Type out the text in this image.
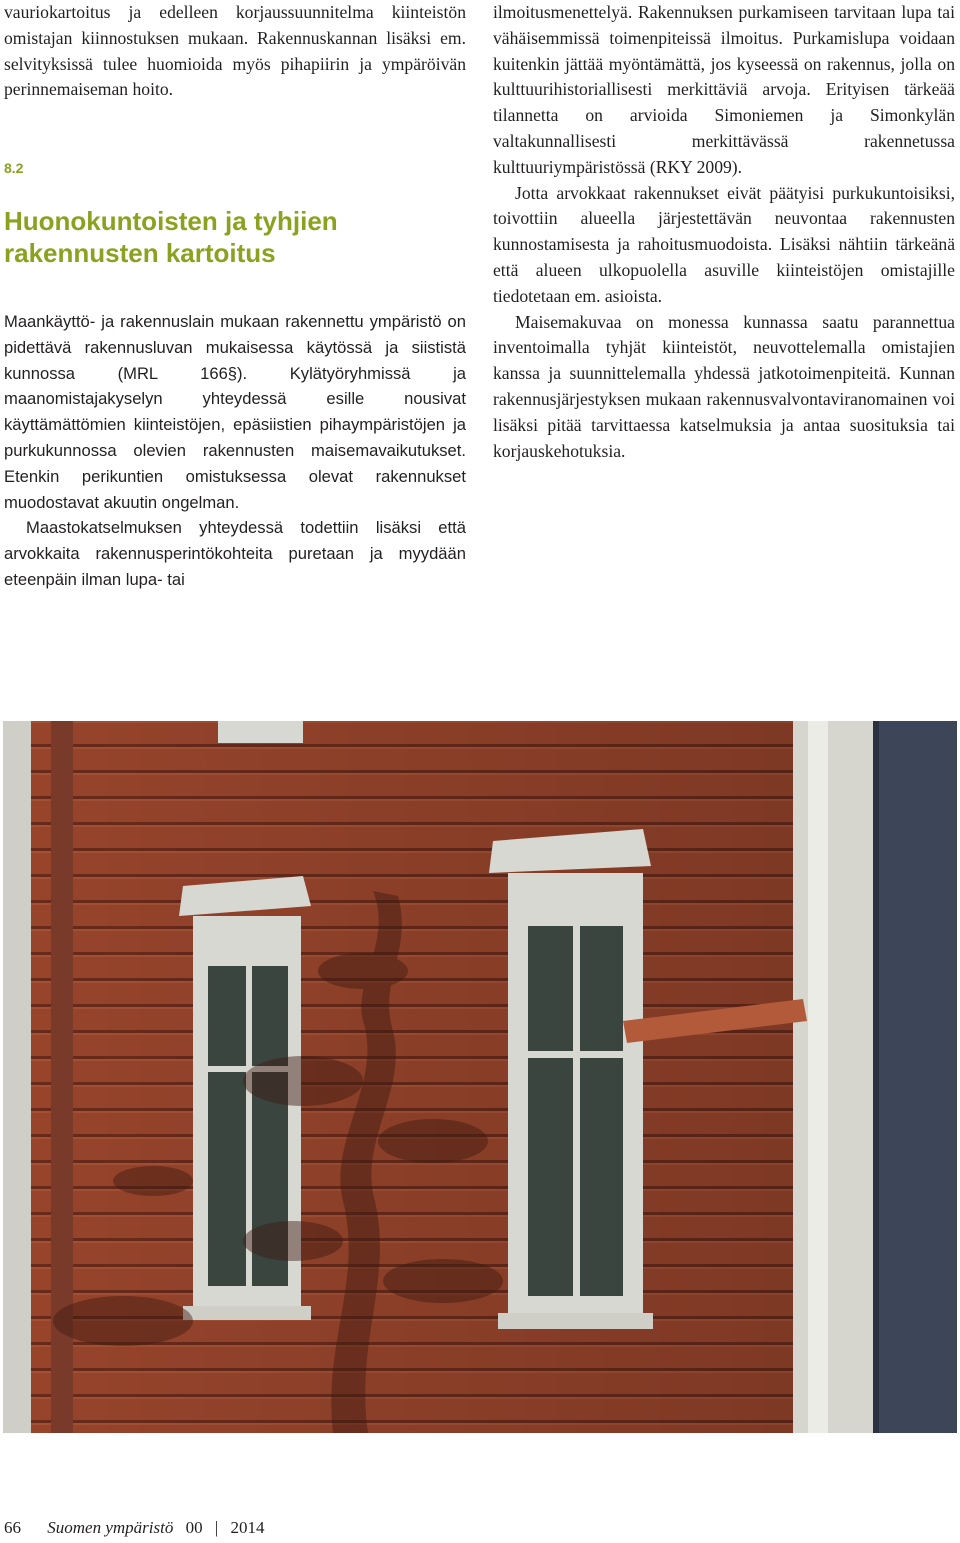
vauriokartoitus ja edelleen korjaussuunnitelma kiinteistön omistajan kiinnostuksen mukaan. Rakennuskannan lisäksi em. selvityksissä tulee huomioida myös pihapiirin ja ympäröivän perinnemaiseman hoito.

8.2
Huonokuntoisten ja tyhjien rakennusten kartoitus

Maankäyttö- ja rakennuslain mukaan rakennettu ympäristö on pidettävä rakennusluvan mukaisessa käytössä ja siististä kunnossa (MRL 166§). Kylätyöryhmissä ja maanomistajakyselyn yhteydessä esille nousivat käyttämättömien kiinteistöjen, epäsiistien pihaympäristöjen ja purkukunnossa olevien rakennusten maisemavaikutukset. Etenkin perikuntien omistuksessa olevat rakennukset muodostavat akuutin ongelman.

Maastokatselmuksen yhteydessä todettiin lisäksi että arvokkaita rakennusperintökohteita puretaan ja myydään eteenpäin ilman lupa- tai

ilmoitusmenettelyä. Rakennuksen purkamiseen tarvitaan lupa tai vähäisemmissä toimenpiteissä ilmoitus. Purkamislupa voidaan kuitenkin jättää myöntämättä, jos kyseessä on rakennus, jolla on kulttuurihistoriallisesti merkittäviä arvoja. Erityisen tärkeää tilannetta on arvioida Simoniemen ja Simonkylän valtakunnallisesti merkittävässä rakennetussa kulttuuriympäristössä (RKY 2009).

Jotta arvokkaat rakennukset eivät päätyisi purkukuntoisiksi, toivottiin alueella järjestettävän neuvontaa rakennusten kunnostamisesta ja rahoitusmuodoista. Lisäksi nähtiin tärkeänä että alueen ulkopuolella asuville kiinteistöjen omistajille tiedotetaan em. asioista.

Maisemakuvaa on monessa kunnassa saatu parannettua inventoimalla tyhjät kiinteistöt, neuvottelemalla omistajien kanssa ja suunnittelemalla yhdessä jatkotoimenpiteitä. Kunnan rakennusjärjestyksen mukaan rakennusvalvontaviranomainen voi lisäksi pitää tarvittaessa katselmuksia ja antaa suosituksia tai korjauskehotuksia.

66 Suomen ympäristö 00 | 2014
